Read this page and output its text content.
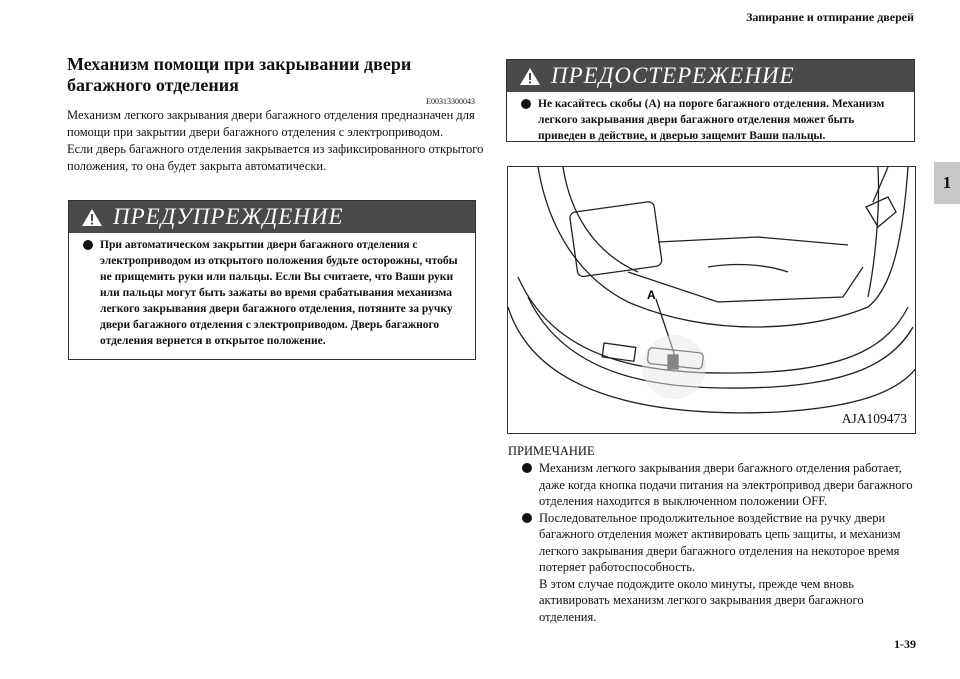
Запирание и отпирание дверей
1
1-39
Механизм помощи при закрывании двери багажного отделения
E00313300043

Механизм легкого закрывания двери багажного отделения предназначен для помощи при закрытии двери багажного отделения с электроприводом.

Если дверь багажного отделения закрывается из зафиксированного открытого положения, то она будет закрыта автоматически.

ПРЕДУПРЕЖДЕНИЕ
При автоматическом закрытии двери багажного отделения с электроприводом из открытого положения будьте осторожны, чтобы не прищемить руки или пальцы. Если Вы считаете, что Ваши руки или пальцы могут быть зажаты во время срабатывания механизма легкого закрывания двери багажного отделения, потяните за ручку двери багажного отделения с электроприводом. Дверь багажного отделения вернется в открытое положение.
ПРЕДОСТЕРЕЖЕНИЕ
Не касайтесь скобы (A) на пороге багажного отделения. Механизм легкого закрывания двери багажного отделения может быть приведен в действие, и дверью защемит Ваши пальцы.
A
AJA109473
ПРИМЕЧАНИЕ

Механизм легкого закрывания двери багажного отделения работает, даже когда кнопка подачи питания на электропривод двери багажного отделения находится в выключенном положении OFF.

Последовательное продолжительное воздействие на ручку двери багажного отделения может активировать цепь защиты, и механизм легкого закрывания двери багажного отделения на некоторое время потеряет работоспособность.

В этом случае подождите около минуты, прежде чем вновь активировать механизм легкого закрывания двери багажного отделения.
